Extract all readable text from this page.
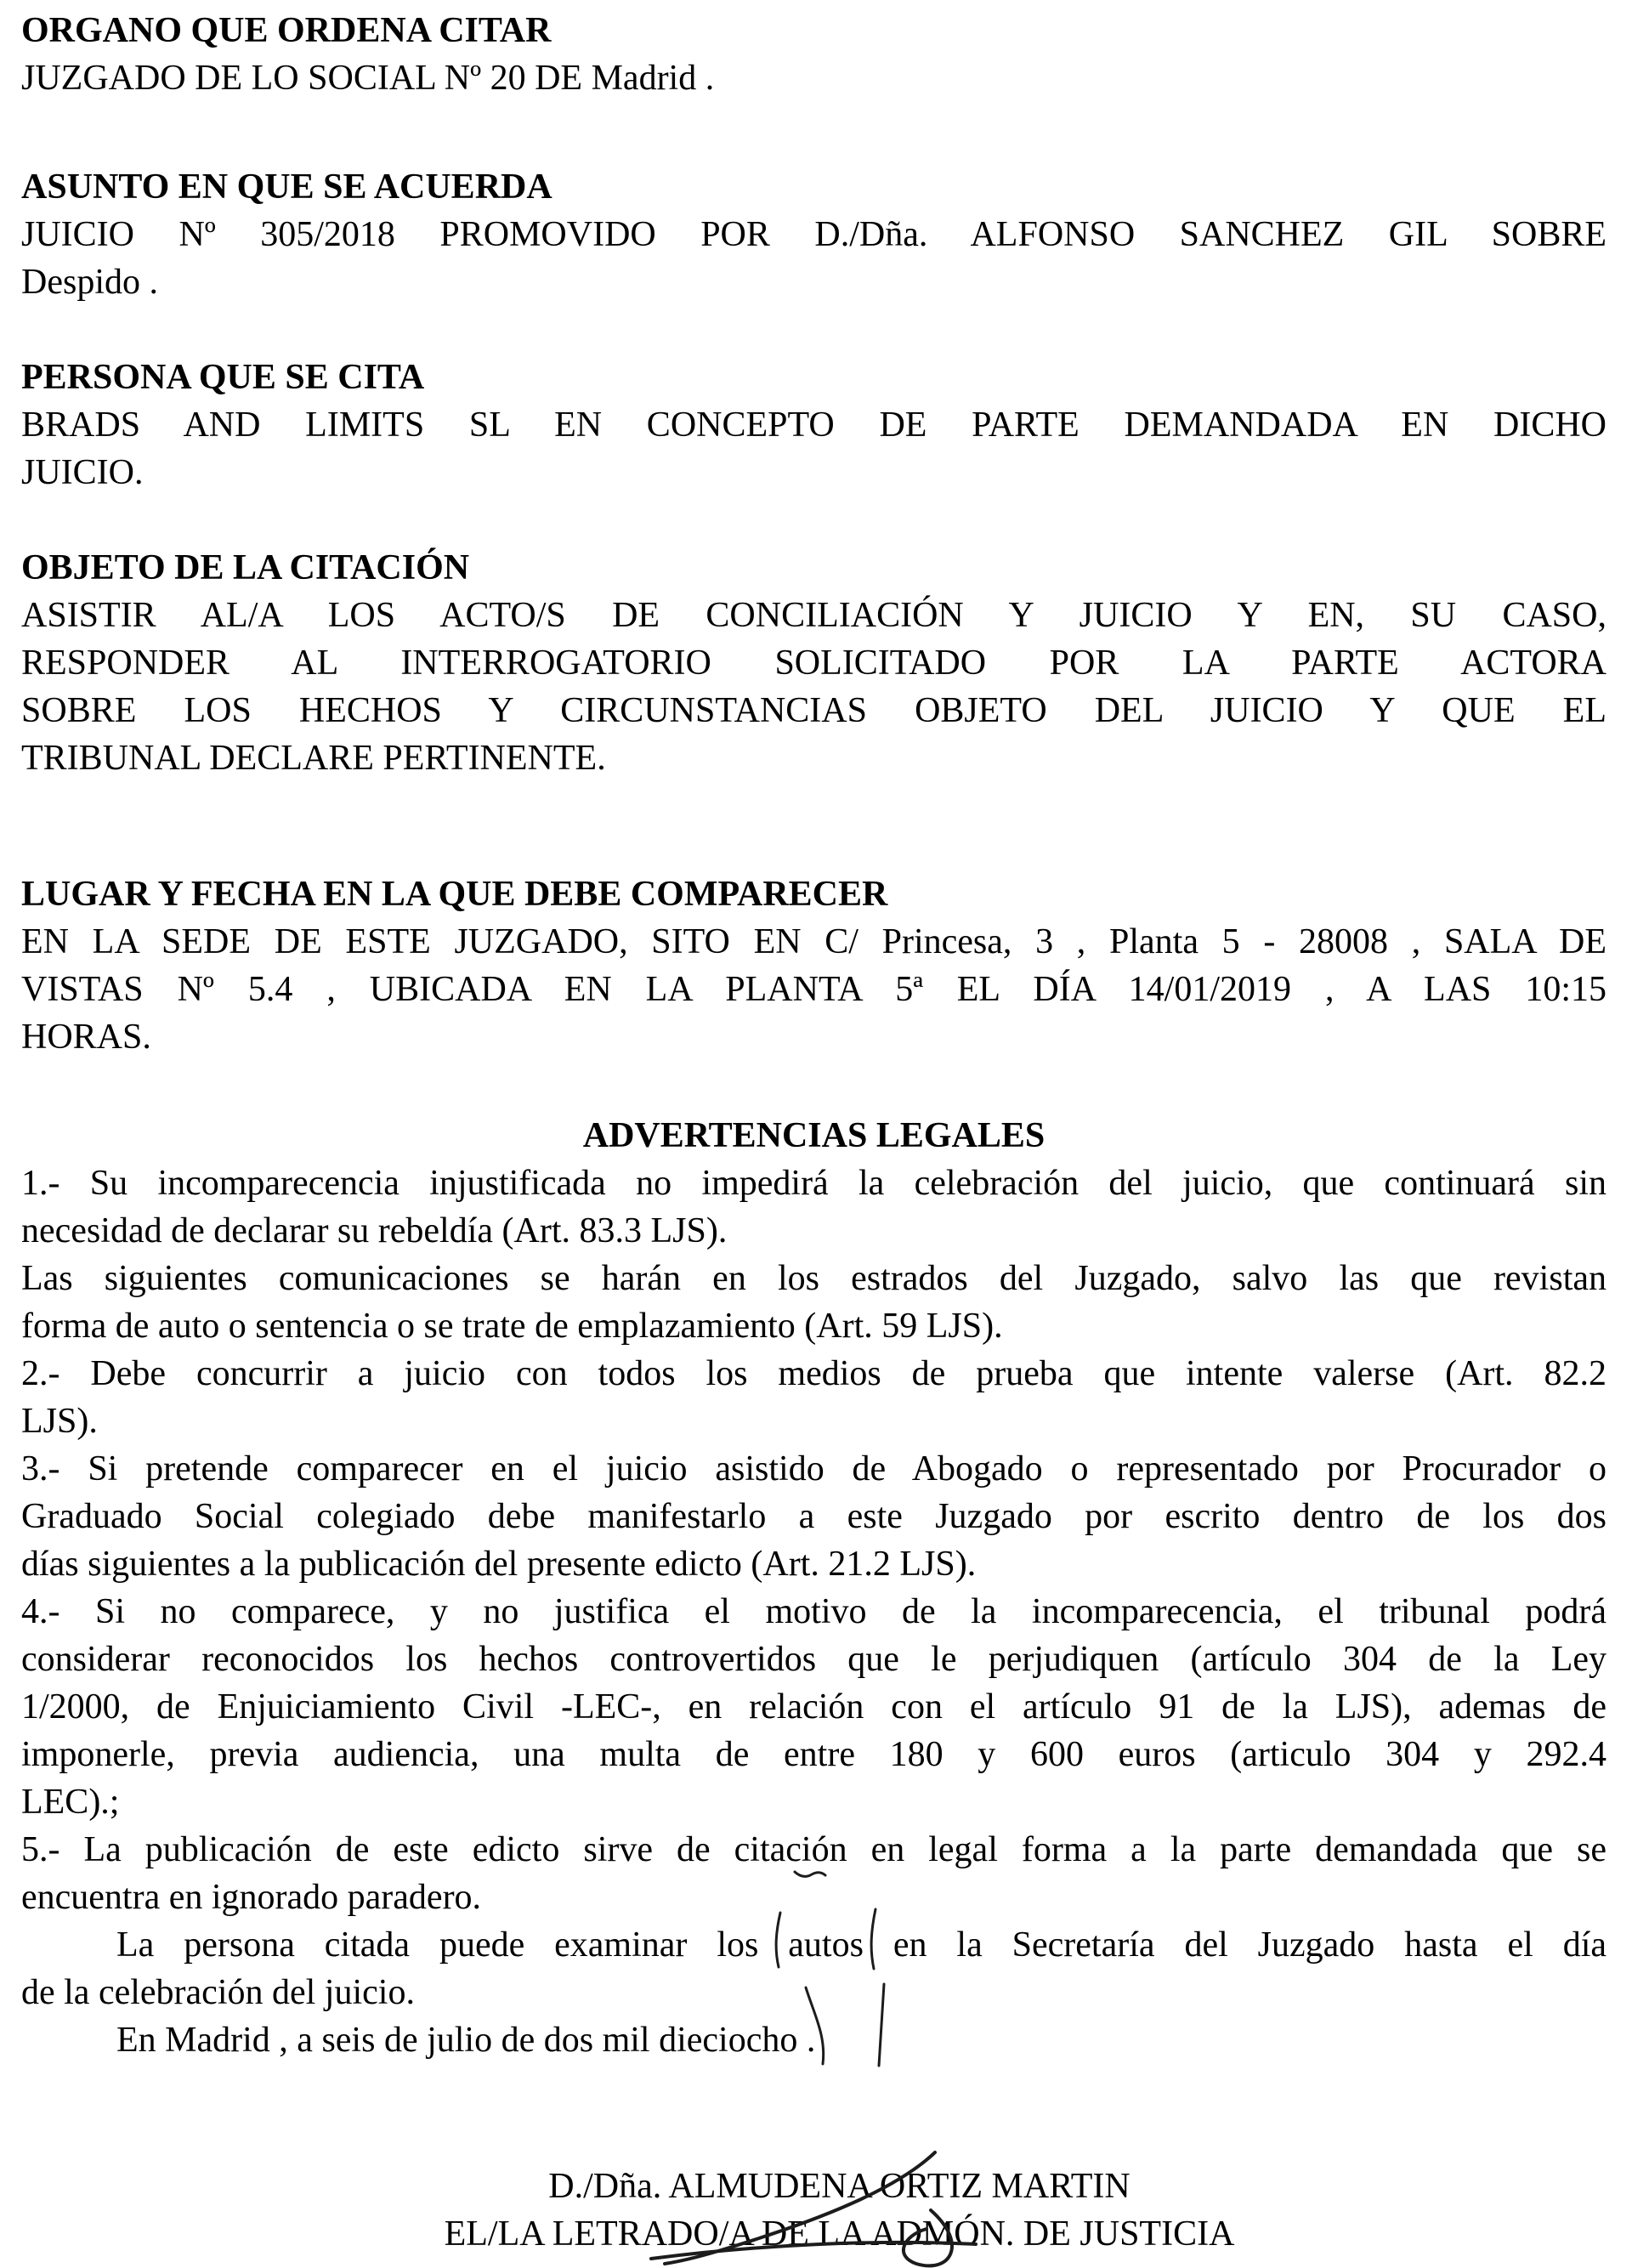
ORGANO QUE ORDENA CITAR
JUZGADO DE LO SOCIAL Nº 20 DE Madrid .
ASUNTO EN QUE SE ACUERDA
JUICIO Nº 305/2018 PROMOVIDO POR D./Dña. ALFONSO SANCHEZ GIL SOBRE
Despido .
PERSONA QUE SE CITA
BRADS AND LIMITS SL EN CONCEPTO DE PARTE DEMANDADA EN DICHO
JUICIO.
OBJETO DE LA CITACIÓN
ASISTIR AL/A LOS ACTO/S DE CONCILIACIÓN Y JUICIO Y EN, SU CASO,
RESPONDER AL INTERROGATORIO SOLICITADO POR LA PARTE ACTORA
SOBRE LOS HECHOS Y CIRCUNSTANCIAS OBJETO DEL JUICIO Y QUE EL
TRIBUNAL DECLARE PERTINENTE.
LUGAR Y FECHA EN LA QUE DEBE COMPARECER
EN LA SEDE DE ESTE JUZGADO, SITO EN C/ Princesa, 3 , Planta 5 - 28008 , SALA DE
VISTAS Nº 5.4 , UBICADA EN LA PLANTA 5ª EL DÍA 14/01/2019 , A LAS 10:15
HORAS.
ADVERTENCIAS LEGALES
1.- Su incomparecencia injustificada no impedirá la celebración del juicio, que continuará sin
necesidad de declarar su rebeldía (Art. 83.3 LJS).
Las siguientes comunicaciones se harán en los estrados del Juzgado, salvo las que revistan
forma de auto o sentencia o se trate de emplazamiento (Art. 59 LJS).
2.- Debe concurrir a juicio con todos los medios de prueba que intente valerse (Art. 82.2
LJS).
3.- Si pretende comparecer en el juicio asistido de Abogado o representado por Procurador o
Graduado Social colegiado debe manifestarlo a este Juzgado por escrito dentro de los dos
días siguientes a la publicación del presente edicto (Art. 21.2 LJS).
4.- Si no comparece, y no justifica el motivo de la incomparecencia, el tribunal podrá
considerar reconocidos los hechos controvertidos que le perjudiquen (artículo 304 de la Ley
1/2000, de Enjuiciamiento Civil -LEC-, en relación con el artículo 91 de la LJS), ademas de
imponerle, previa audiencia, una multa de entre 180 y 600 euros (articulo 304 y 292.4
LEC).;
5.- La publicación de este edicto sirve de citación en legal forma a la parte demandada que se
encuentra en ignorado paradero.
La persona citada puede examinar los autos en la Secretaría del Juzgado hasta el día
de la celebración del juicio.
En Madrid , a seis de julio de dos mil dieciocho .
D./Dña. ALMUDENA ORTIZ MARTIN
EL/LA LETRADO/A DE LA ADMÓN. DE JUSTICIA
